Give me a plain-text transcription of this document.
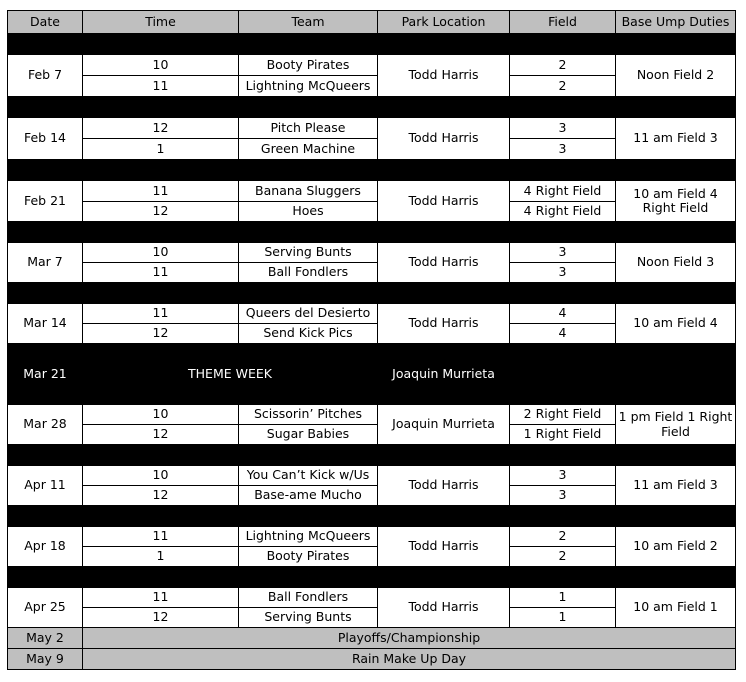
Date	Time	Team	Park Location	Field	Base Ump Duties

Feb 7	10	Booty Pirates	Todd Harris	2	Noon Field 2
	11	Lightning McQueers		2	

Feb 14	12	Pitch Please	Todd Harris	3	11 am Field 3
	1	Green Machine		3	

Feb 21	11	Banana Sluggers	Todd Harris	4 Right Field	10 am Field 4 Right Field
	12	Hoes		4 Right Field	

Mar 7	10	Serving Bunts	Todd Harris	3	Noon Field 3
	11	Ball Fondlers		3	

Mar 14	11	Queers del Desierto	Todd Harris	4	10 am Field 4
	12	Send Kick Pics		4	
Mar 21	THEME WEEK		Joaquin Murrieta		
Mar 28	10	Scissorin’ Pitches	Joaquin Murrieta	2 Right Field	1 pm Field 1 Right Field
	12	Sugar Babies		1 Right Field	

Apr 11	10	You Can’t Kick w/Us	Todd Harris	3	11 am Field 3
	12	Base-ame Mucho		3	

Apr 18	11	Lightning McQueers	Todd Harris	2	10 am Field 2
	1	Booty Pirates		2	

Apr 25	11	Ball Fondlers	Todd Harris	1	10 am Field 1
	12	Serving Bunts		1	
May 2	Playoffs/Championship				
May 9	Rain Make Up Day				
